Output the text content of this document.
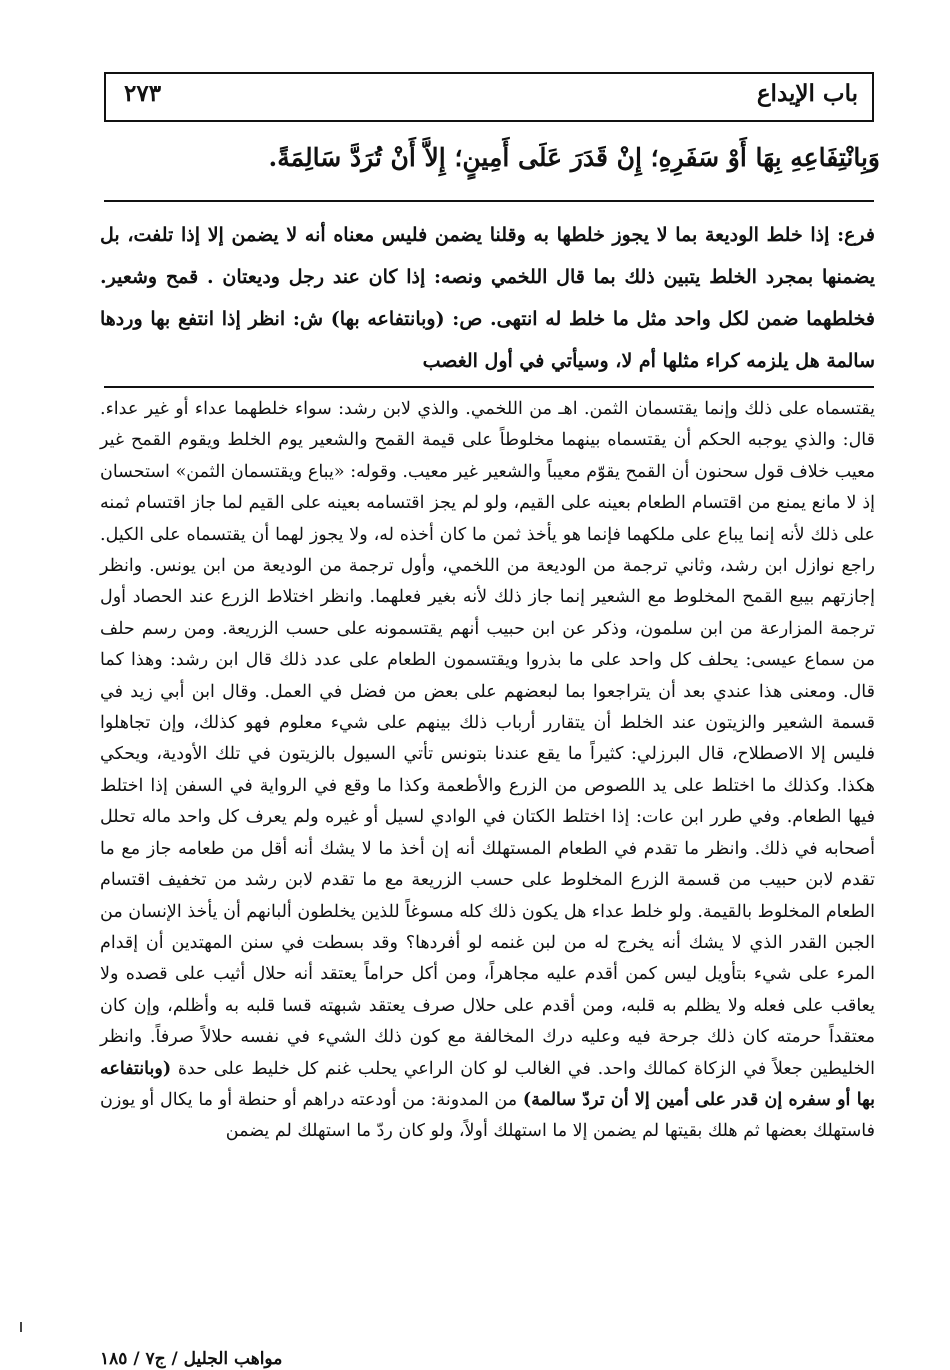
باب الإيداع
٢٧٣
وَبِانْتِفَاعِهِ بِهَا أَوْ سَفَرِهِ؛ إِنْ قَدَرَ عَلَى أَمِينٍ؛ إِلاَّ أَنْ تُرَدَّ سَالِمَةً.
فرع: إذا خلط الوديعة بما لا يجوز خلطها به وقلنا يضمن فليس معناه أنه لا يضمن إلا إذا تلفت، بل يضمنها بمجرد الخلط يتبين ذلك بما قال اللخمي ونصه: إذا كان عند رجل وديعتان . قمح وشعير. فخلطهما ضمن لكل واحد مثل ما خلط له انتهى. ص: (وبانتفاعه بها) ش: انظر إذا انتفع بها وردها سالمة هل يلزمه كراء مثلها أم لا، وسيأتي في أول الغصب
يقتسماه على ذلك وإنما يقتسمان الثمن. اهـ من اللخمي. والذي لابن رشد: سواء خلطهما عداء أو غير عداء. قال: والذي يوجبه الحكم أن يقتسماه بينهما مخلوطاً على قيمة القمح والشعير يوم الخلط ويقوم القمح غير معيب خلاف قول سحنون أن القمح يقوّم معيباً والشعير غير معيب. وقوله: «يباع ويقتسمان الثمن» استحسان إذ لا مانع يمنع من اقتسام الطعام بعينه على القيم، ولو لم يجز اقتسامه بعينه على القيم لما جاز اقتسام ثمنه على ذلك لأنه إنما يباع على ملكهما فإنما هو يأخذ ثمن ما كان أخذه له، ولا يجوز لهما أن يقتسماه على الكيل. راجع نوازل ابن رشد، وثاني ترجمة من الوديعة من اللخمي، وأول ترجمة من الوديعة من ابن يونس. وانظر إجازتهم بيبع القمح المخلوط مع الشعير إنما جاز ذلك لأنه بغير فعلهما. وانظر اختلاط الزرع عند الحصاد أول ترجمة المزارعة من ابن سلمون، وذكر عن ابن حبيب أنهم يقتسمونه على حسب الزريعة. ومن رسم حلف من سماع عيسى: يحلف كل واحد على ما بذروا ويقتسمون الطعام على عدد ذلك قال ابن رشد: وهذا كما قال. ومعنى هذا عندي بعد أن يتراجعوا بما لبعضهم على بعض من فضل في العمل. وقال ابن أبي زيد في قسمة الشعير والزيتون عند الخلط أن يتقارر أرباب ذلك بينهم على شيء معلوم فهو كذلك، وإن تجاهلوا فليس إلا الاصطلاح، قال البرزلي: كثيراً ما يقع عندنا بتونس تأتي السيول بالزيتون في تلك الأودية، ويحكي هكذا. وكذلك ما اختلط على يد اللصوص من الزرع والأطعمة وكذا ما وقع في الرواية في السفن إذا اختلط فيها الطعام. وفي طرر ابن عات: إذا اختلط الكتان في الوادي لسيل أو غيره ولم يعرف كل واحد ماله تحلل أصحابه في ذلك. وانظر ما تقدم في الطعام المستهلك أنه إن أخذ ما لا يشك أنه أقل من طعامه جاز مع ما تقدم لابن حبيب من قسمة الزرع المخلوط على حسب الزريعة مع ما تقدم لابن رشد من تخفيف اقتسام الطعام المخلوط بالقيمة. ولو خلط عداء هل يكون ذلك كله مسوغاً للذين يخلطون ألبانهم أن يأخذ الإنسان من الجبن القدر الذي لا يشك أنه يخرج له من لبن غنمه لو أفردها؟ وقد بسطت في سنن المهتدين أن إقدام المرء على شيء بتأويل ليس كمن أقدم عليه مجاهراً، ومن أكل حراماً يعتقد أنه حلال أثيب على قصده ولا يعاقب على فعله ولا يظلم به قلبه، ومن أقدم على حلال صرف يعتقد شبهته قسا قلبه به وأظلم، وإن كان معتقداً حرمته كان ذلك جرحة فيه وعليه درك المخالفة مع كون ذلك الشيء في نفسه حلالاً صرفاً. وانظر الخليطين جعلاً في الزكاة كمالك واحد. في الغالب لو كان الراعي يحلب غنم كل خليط على حدة (وبانتفاعه بها أو سفره إن قدر على أمين إلا أن تردّ سالمة) من المدونة: من أودعته دراهم أو حنطة أو ما يكال أو يوزن فاستهلك بعضها ثم هلك بقيتها لم يضمن إلا ما استهلك أولاً، ولو كان ردّ ما استهلك لم يضمن
مواهب الجليل / ج٧ / ١٨٥
